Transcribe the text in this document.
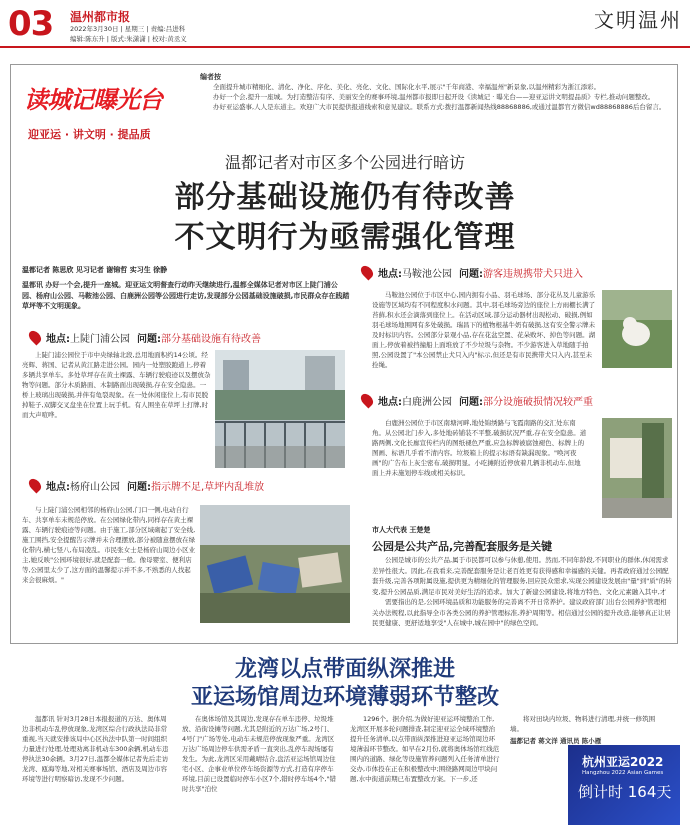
03 温州都市报
2022年3月30日 | 星期三 | 责编:吕进科
编辑:陈东升 | 版式:朱潇潇 | 校对:黄丞义
文明温州
读城记曝光台
迎亚运 · 讲文明 · 提品质
编者按
全面提升城市精细化、清化、净化、序化、美化、亮化、文化、国际化水平,展示"千年商港、幸福温州"新景象,以温州精彩为浙江添彩。
办好一个会,提升一座城。为打造整洁有序、美丽安全的赛事环境,温州都市报即日起开设《读城记 · 曝光台——迎亚运讲文明提品质》专栏,推动问题整改。
办好亚运盛事,人人是东道主。欢迎广大市民提供报道线索和意见建议。联系方式:拨打温都新闻热线88868886,或通过温都官方微信wd88868886后台留言。
温都记者对市区多个公园进行暗访
部分基础设施仍有待改善
不文明行为亟需强化管理
温都记者 陈思欣 见习记者 谢锦哲 实习生 徐静
温都讯 办好一个会,提升一座城。迎亚运文明督查行动昨天继续进行,温都全媒体记者对市区上陡门浦公园、杨府山公园、马鞍池公园、白鹿洲公园等公园进行走访,发现部分公园基础设施破损,市民群众存在践踏草坪等不文明现象。
地点:上陡门浦公园 问题:部分基础设施有待改善
上陡门浦公园位于市中央绿轴北段,总用地面积约14公顷。经亮辉、蒋国、记者从黄江路走进公园。园内一处塑胶跑道上,停着多辆共享单车。多处草坪存在黄土裸露、车辆行驶痕迹以及摆放杂物等问题。部分木质路面、木制路面出现破损,存在安全隐患。一桥上玻璃出现破损,并伴有龟裂现象。在一处休闲座位上,有市民脱掉鞋子,双脚交叉盘坐在位置上玩手机。有人围坐在草坪上打牌,时而大声喧哗。
地点:杨府山公园 问题:指示牌不足,草坪内乱堆放
与上陡门浦公园相邻的杨府山公园,门口一侧,电动自行车、共享单车未规范停放。在公园绿化带内,同样存在黄土裸露、车辆行驶痕迹等问题。由于施工,部分区域砌起了安全线,施工围挡,安全提醒告示牌并未合理摆放,部分被随意摆放在绿化带内,横七竖八,布局凌乱。市民张女士是杨府山周边小区业主,她反映"公园环境很好,就是配套一般。像母婴室、便利店等,公园里太少了,这方面的温馨提示并不多,不熟悉的人找起来会很麻烦。"
地点:马鞍池公园 问题:游客违规携带犬只进入
马鞍池公园位于市区中心,园内拥有小品、羽毛球场、部分花丛及儿童游乐设施等区域均有不同程度积水问题。其中,羽毛球场旁边的座位上方雨棚长满了苔藓,积水还会滴落到座位上。在活动区域,部分运动器材出现松动、破损,例如羽毛球场地围网有多处破损。瑞昌下的植物根基牛奶有破损,这有安全警示牌未及时标识内容。公园部分景观小品,存在花盆空置、花朵败坏、掉色等问题。湖面上,停放着被挡撞船上面堆放了不少垃圾与杂物。不少游客进入草地随手拍照,公园设置了"本公园禁止犬只入内"标示,但还是有市民携带犬只入内,甚至未拴绳。
地点:白鹿洲公园 问题:部分设施破损情况较严重
白鹿洲公园位于市区南塘河畔,地处锦绣路与飞霞南路的交汇处东南角。从公园北门步入,多处地砖铺装不平整,破损状况严重,存在安全隐患。道路两侧,文化长廊宣传栏内的图纸褪色严重,应急标牌被腐蚀褪色、标牌上的图画、标语几乎看不清内容。垃圾箱上的提示标语有缺漏现象。"唤河夜画"的广告布上灰尘密布,破损明显。小吃摊附近停放着几辆非机动车,但地面上并未施划停车线或相关标识。
市人大代表 王楚楚
公园是公共产品,完善配套服务是关键
公园是城市的公共产品,属于市民都可以参与休憩,使用。然而,不同年龄段,不同职业的群体,休闲需求差异性很大。因此,在我看来,完善配套服务是让老百姓更有获得感和幸福感的关键。再者政府通过公园配套升级,完善各项附属设施,提供更为精细化的管理服务,回应民众需求,实现公园建设发展由"量"到"质"的转变,提升公园品质,满足市民对美好生活的追求。加大了新建公园建设,将地方特色、文化元素融入其中,才
需要指出的是,公园环境品质和功能服务的完善离不开日常养护。建议政府部门出台公园养护管理相关办法规程,以此指导全市各类公园的养护管理标准,养护周期等。相信通过公园的提升改造,能够真正让居民更健康、更舒适地享受"人在城中,城在园中"的绿色空间。
龙湾以点带面纵深推进
亚运场馆周边环境薄弱环节整改
温都讯 针对3月28日本报报道的万达、奥体周边非机动车乱停放现象,龙湾区综合行政执法局非常重视,当天就安排该局中心区执法中队第一时间组织力量进行处理,处理劝离非机动车300余辆,机动车违停执法30余辆。3月27日,温都全媒体记者先后走访龙湾、瓯海等地,对相关赛事场馆、酒店及周边市容环境等进行明察暗访,发现不少问题。
在奥体场馆及其周边,发现存在单车违停、垃圾堆放、沿街设摊等问题,尤其是附近的万达广场,2号门、4号门"广场等处,电动车未规范停放现象严重。龙湾区万达广场周边停车供需矛盾一直突出,乱停车现场屡有发生。为此,龙湾区采用戴晴结合,盘活亚运场馆周边住宅小区、企事业单位停车场资源等方式,打造有序停车环境,目前已设置临时停车小区7个,错时停车场4个,"错时共享"泊位
1296个。据介绍,为做好迎亚运环境整治工作,龙湾区开展多轮问题排查,制定迎亚运全域环境整治提升任务清单,以点带面纵深推进迎亚运场馆周边环境薄弱环节整改。如早在2月份,就将奥体场馆红线范围内的道路、绿化等设施管养问题列入任务清单进行交办,市体投在正在积极整改中;围绕路网周边甲块问题,水中街道前期已布置整改方案。下一步,还
将对田块内垃圾、物料进行清理,并统一修筑围墙。
温都记者 蒋文洋 通讯员 陈小雁
杭州亚运2022
Hangzhou 2022 Asian Games
倒计时 164天
